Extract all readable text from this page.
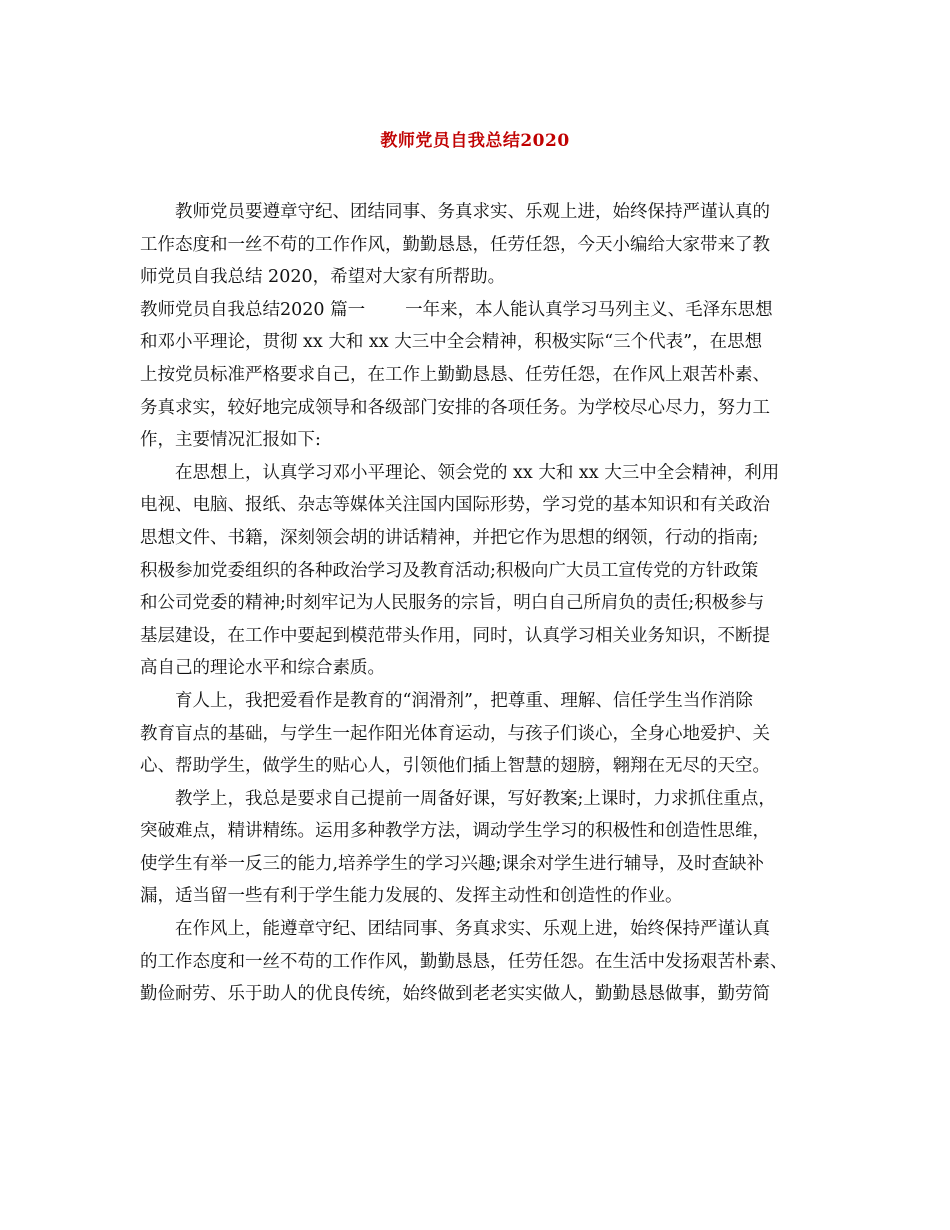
教师党员自我总结2020
教师党员要遵章守纪、团结同事、务真求实、乐观上进，始终保持严谨认真的
工作态度和一丝不苟的工作作风，勤勤恳恳，任劳任怨，今天小编给大家带来了教
师党员自我总结 2020，希望对大家有所帮助。
教师党员自我总结2020 篇一 一年来，本人能认真学习马列主义、毛泽东思想
和邓小平理论，贯彻 xx 大和 xx 大三中全会精神，积极实际“三个代表”，在思想
上按党员标准严格要求自己，在工作上勤勤恳恳、任劳任怨，在作风上艰苦朴素、
务真求实，较好地完成领导和各级部门安排的各项任务。为学校尽心尽力，努力工
作，主要情况汇报如下:
在思想上，认真学习邓小平理论、领会党的 xx 大和 xx 大三中全会精神，利用
电视、电脑、报纸、杂志等媒体关注国内国际形势，学习党的基本知识和有关政治
思想文件、书籍，深刻领会胡的讲话精神，并把它作为思想的纲领，行动的指南;
积极参加党委组织的各种政治学习及教育活动;积极向广大员工宣传党的方针政策
和公司党委的精神;时刻牢记为人民服务的宗旨，明白自己所肩负的责任;积极参与
基层建设，在工作中要起到模范带头作用，同时，认真学习相关业务知识，不断提
高自己的理论水平和综合素质。
育人上，我把爱看作是教育的“润滑剂”，把尊重、理解、信任学生当作消除
教育盲点的基础，与学生一起作阳光体育运动，与孩子们谈心，全身心地爱护、关
心、帮助学生，做学生的贴心人，引领他们插上智慧的翅膀，翱翔在无尽的天空。
教学上，我总是要求自己提前一周备好课，写好教案;上课时，力求抓住重点，
突破难点，精讲精练。运用多种教学方法，调动学生学习的积极性和创造性思维，
使学生有举一反三的能力,培养学生的学习兴趣;课余对学生进行辅导，及时查缺补
漏，适当留一些有利于学生能力发展的、发挥主动性和创造性的作业。
在作风上，能遵章守纪、团结同事、务真求实、乐观上进，始终保持严谨认真
的工作态度和一丝不苟的工作作风，勤勤恳恳，任劳任怨。在生活中发扬艰苦朴素、
勤俭耐劳、乐于助人的优良传统，始终做到老老实实做人，勤勤恳恳做事，勤劳简
